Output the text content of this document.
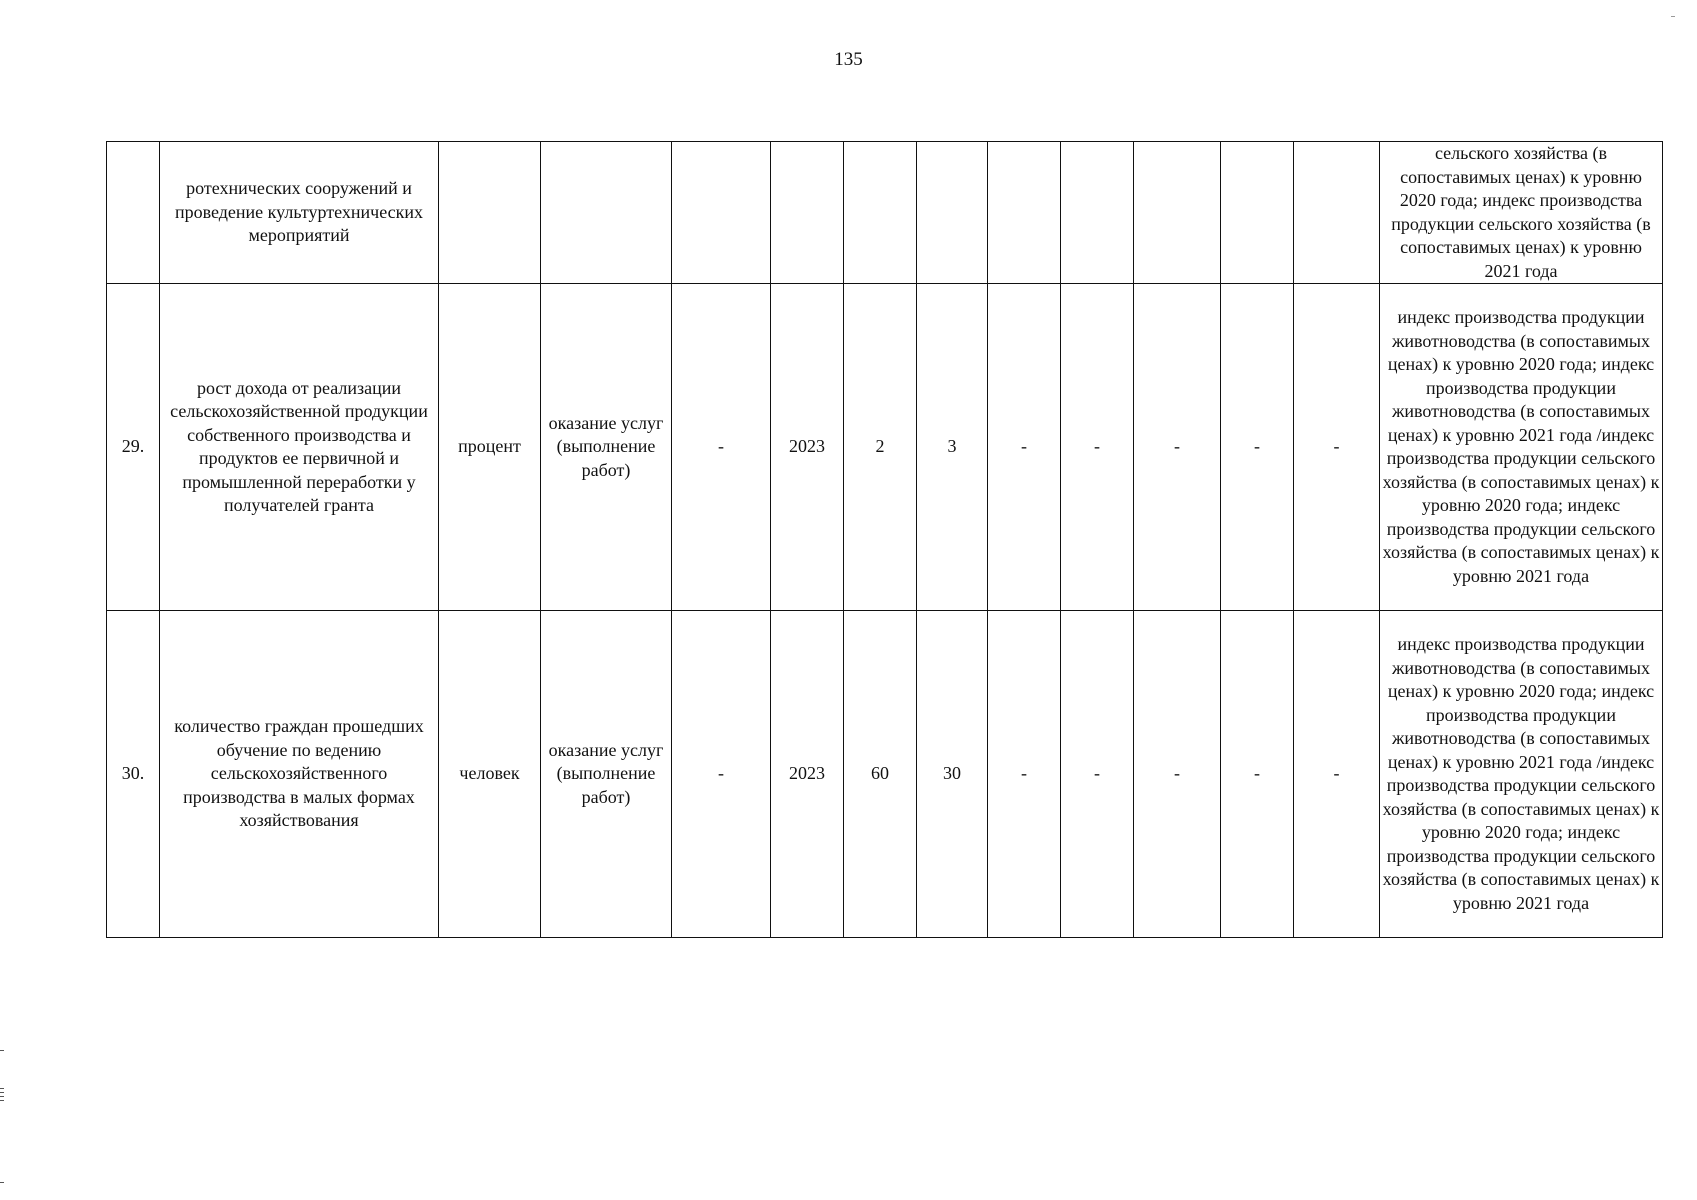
135
	ротехнических сооружений и проведение культуртехнических мероприятий												сельского хозяйства (в сопоставимых ценах) к уровню 2020 года; индекс производства продукции сельского хозяйства (в сопоставимых ценах) к уровню 2021 года
29.	рост дохода от реализации сельскохозяйственной продукции собственного производства и продуктов ее первичной и промышленной переработки у получателей гранта	процент	оказание услуг (выполнение работ)	-	2023	2	3	-	-	-	-	-	индекс производства продукции животноводства (в сопоставимых ценах) к уровню 2020 года; индекс производства продукции животноводства (в сопоставимых ценах) к уровню 2021 года /индекс производства продукции сельского хозяйства (в сопоставимых ценах) к уровню 2020 года; индекс производства продукции сельского хозяйства (в сопоставимых ценах) к уровню 2021 года
30.	количество граждан прошедших обучение по ведению сельскохозяйственного производства в малых формах хозяйствования	человек	оказание услуг (выполнение работ)	-	2023	60	30	-	-	-	-	-	индекс производства продукции животноводства (в сопоставимых ценах) к уровню 2020 года; индекс производства продукции животноводства (в сопоставимых ценах) к уровню 2021 года /индекс производства продукции сельского хозяйства (в сопоставимых ценах) к уровню 2020 года; индекс производства продукции сельского хозяйства (в сопоставимых ценах) к уровню 2021 года
